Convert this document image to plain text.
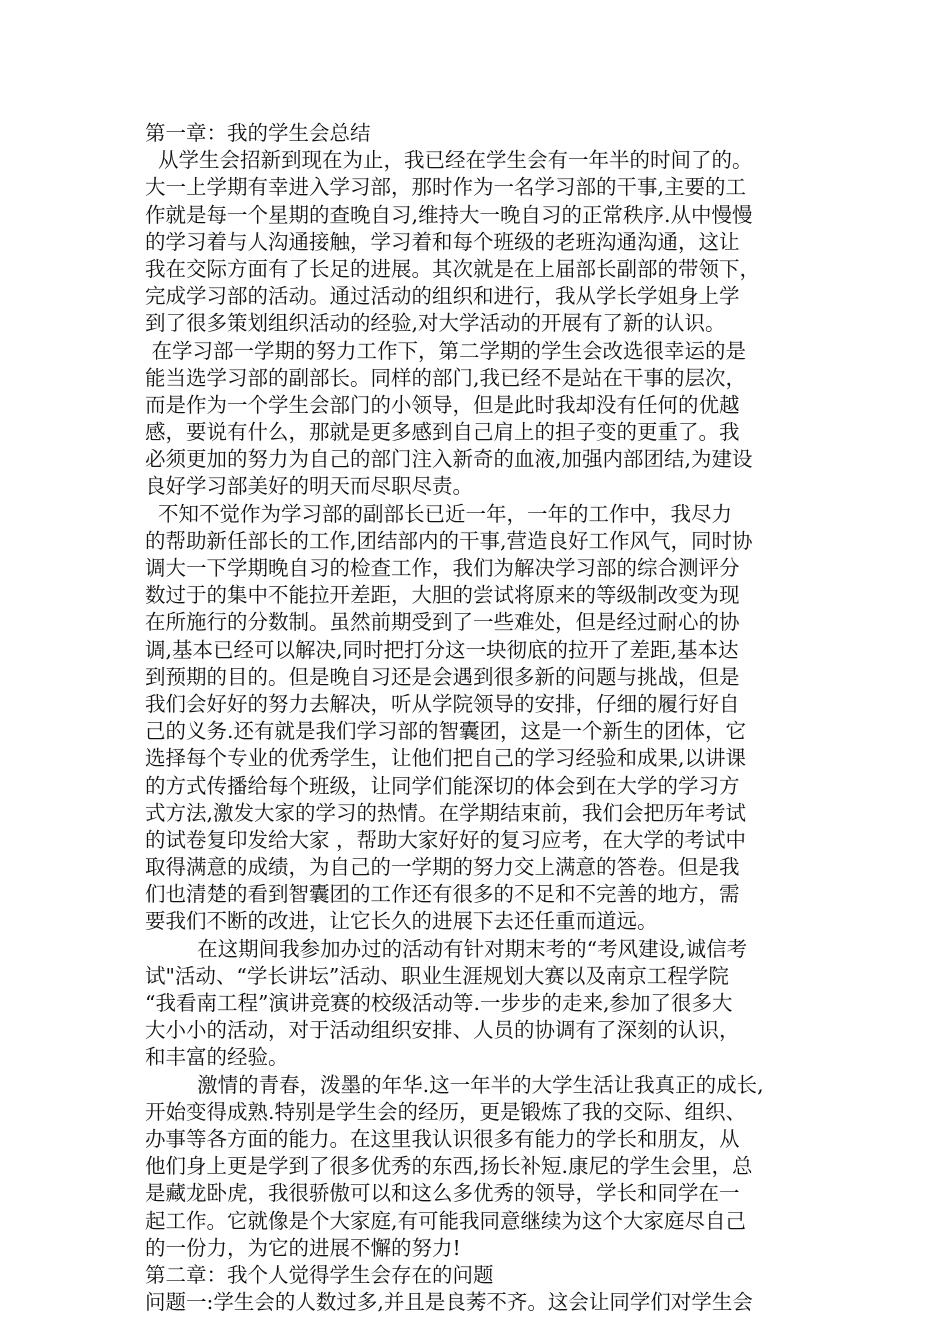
第一章：我的学生会总结
从学生会招新到现在为止，我已经在学生会有一年半的时间了的。
大一上学期有幸进入学习部，那时作为一名学习部的干事,主要的工
作就是每一个星期的查晚自习,维持大一晚自习的正常秩序.从中慢慢
的学习着与人沟通接触，学习着和每个班级的老班沟通沟通，这让
我在交际方面有了长足的进展。其次就是在上届部长副部的带领下，
完成学习部的活动。通过活动的组织和进行，我从学长学姐身上学
到了很多策划组织活动的经验,对大学活动的开展有了新的认识。
在学习部一学期的努力工作下，第二学期的学生会改选很幸运的是
能当选学习部的副部长。同样的部门,我已经不是站在干事的层次，
而是作为一个学生会部门的小领导，但是此时我却没有任何的优越
感，要说有什么，那就是更多感到自己肩上的担子变的更重了。我
必须更加的努力为自己的部门注入新奇的血液,加强内部团结,为建设
良好学习部美好的明天而尽职尽责。
不知不觉作为学习部的副部长已近一年，一年的工作中，我尽力
的帮助新任部长的工作,团结部内的干事,营造良好工作风气，同时协
调大一下学期晚自习的检查工作，我们为解决学习部的综合测评分
数过于的集中不能拉开差距，大胆的尝试将原来的等级制改变为现
在所施行的分数制。虽然前期受到了一些难处，但是经过耐心的协
调,基本已经可以解决,同时把打分这一块彻底的拉开了差距,基本达
到预期的目的。但是晚自习还是会遇到很多新的问题与挑战，但是
我们会好好的努力去解决，听从学院领导的安排，仔细的履行好自
己的义务.还有就是我们学习部的智囊团，这是一个新生的团体，它
选择每个专业的优秀学生，让他们把自己的学习经验和成果,以讲课
的方式传播给每个班级，让同学们能深切的体会到在大学的学习方
式方法,激发大家的学习的热情。在学期结束前，我们会把历年考试
的试卷复印发给大家 ，帮助大家好好的复习应考，在大学的考试中
取得满意的成绩，为自己的一学期的努力交上满意的答卷。但是我
们也清楚的看到智囊团的工作还有很多的不足和不完善的地方，需
要我们不断的改进，让它长久的进展下去还任重而道远。
在这期间我参加办过的活动有针对期末考的“考风建设,诚信考
试"活动、“学长讲坛”活动、职业生涯规划大赛以及南京工程学院
“我看南工程”演讲竞赛的校级活动等.一步步的走来,参加了很多大
大小小的活动，对于活动组织安排、人员的协调有了深刻的认识，
和丰富的经验。
激情的青春，泼墨的年华.这一年半的大学生活让我真正的成长,
开始变得成熟.特别是学生会的经历，更是锻炼了我的交际、组织、
办事等各方面的能力。在这里我认识很多有能力的学长和朋友，从
他们身上更是学到了很多优秀的东西,扬长补短.康尼的学生会里，总
是藏龙卧虎，我很骄傲可以和这么多优秀的领导，学长和同学在一
起工作。它就像是个大家庭,有可能我同意继续为这个大家庭尽自己
的一份力，为它的进展不懈的努力!
第二章：我个人觉得学生会存在的问题
问题一:学生会的人数过多,并且是良莠不齐。这会让同学们对学生会
